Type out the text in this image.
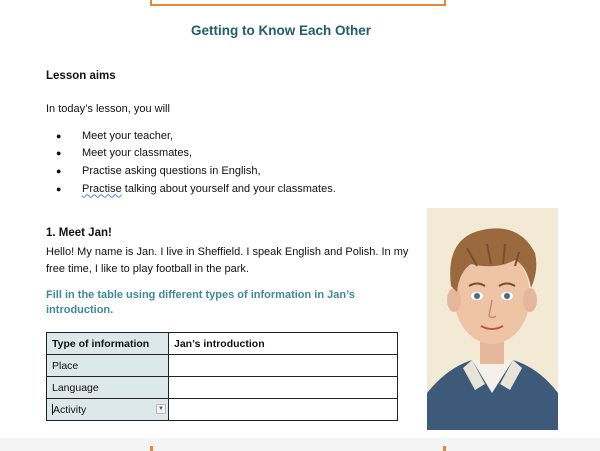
Getting to Know Each Other
Lesson aims
In today’s lesson, you will
●	Meet your teacher,
●	Meet your classmates,
●	Practise asking questions in English,
●	Practise talking about yourself and your classmates.
1. Meet Jan!
Hello! My name is Jan. I live in Sheffield. I speak English and Polish. In my free time, I like to play football in the park.
Fill in the table using different types of information in Jan’s introduction.
Type of information	Jan’s introduction
Place	
Language	
Activity ▼	
